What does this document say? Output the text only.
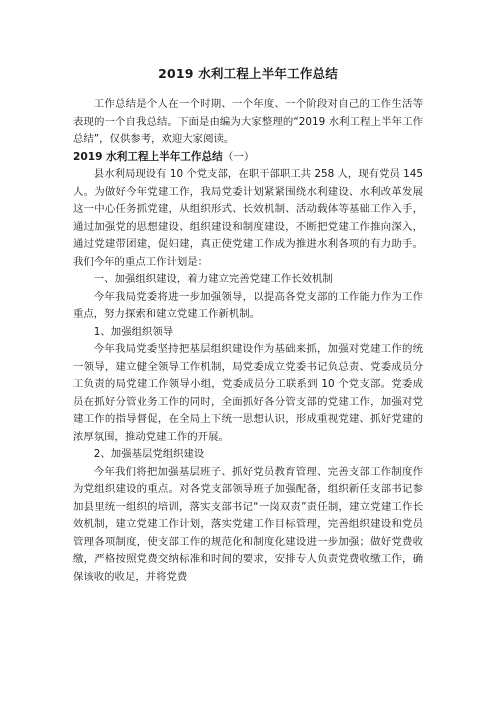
2019 水利工程上半年工作总结

工作总结是个人在一个时期、一个年度、一个阶段对自己的工作生活等表现的一个自我总结。下面是由编为大家整理的“2019 水利工程上半年工作总结”，仅供参考，欢迎大家阅读。

2019 水利工程上半年工作总结（一）

县水利局现设有 10 个党支部，在职干部职工共 258 人，现有党员 145 人。为做好今年党建工作，我局党委计划紧紧围绕水利建设、水利改革发展这一中心任务抓党建，从组织形式、长效机制、活动载体等基础工作入手，通过加强党的思想建设、组织建设和制度建设，不断把党建工作推向深入，通过党建带团建，促妇建，真正使党建工作成为推进水利各项的有力助手。我们今年的重点工作计划是：

一、加强组织建设，着力建立完善党建工作长效机制

今年我局党委将进一步加强领导，以提高各党支部的工作能力作为工作重点，努力探索和建立党建工作新机制。

1、加强组织领导

今年我局党委坚持把基层组织建设作为基础来抓，加强对党建工作的统一领导，建立健全领导工作机制，局党委成立党委书记负总责、党委成员分工负责的局党建工作领导小组，党委成员分工联系到 10 个党支部。党委成员在抓好分管业务工作的同时，全面抓好各分管支部的党建工作，加强对党建工作的指导督促，在全局上下统一思想认识，形成重视党建、抓好党建的浓厚氛围，推动党建工作的开展。

2、加强基层党组织建设

今年我们将把加强基层班子、抓好党员教育管理、完善支部工作制度作为党组织建设的重点。对各党支部领导班子加强配备，组织新任支部书记参加县里统一组织的培训，落实支部书记“一岗双责”责任制，建立党建工作长效机制，建立党建工作计划，落实党建工作目标管理，完善组织建设和党员管理各项制度，使支部工作的规范化和制度化建设进一步加强；做好党费收缴，严格按照党费交纳标准和时间的要求，安排专人负责党费收缴工作，确保该收的收足，并将党费
